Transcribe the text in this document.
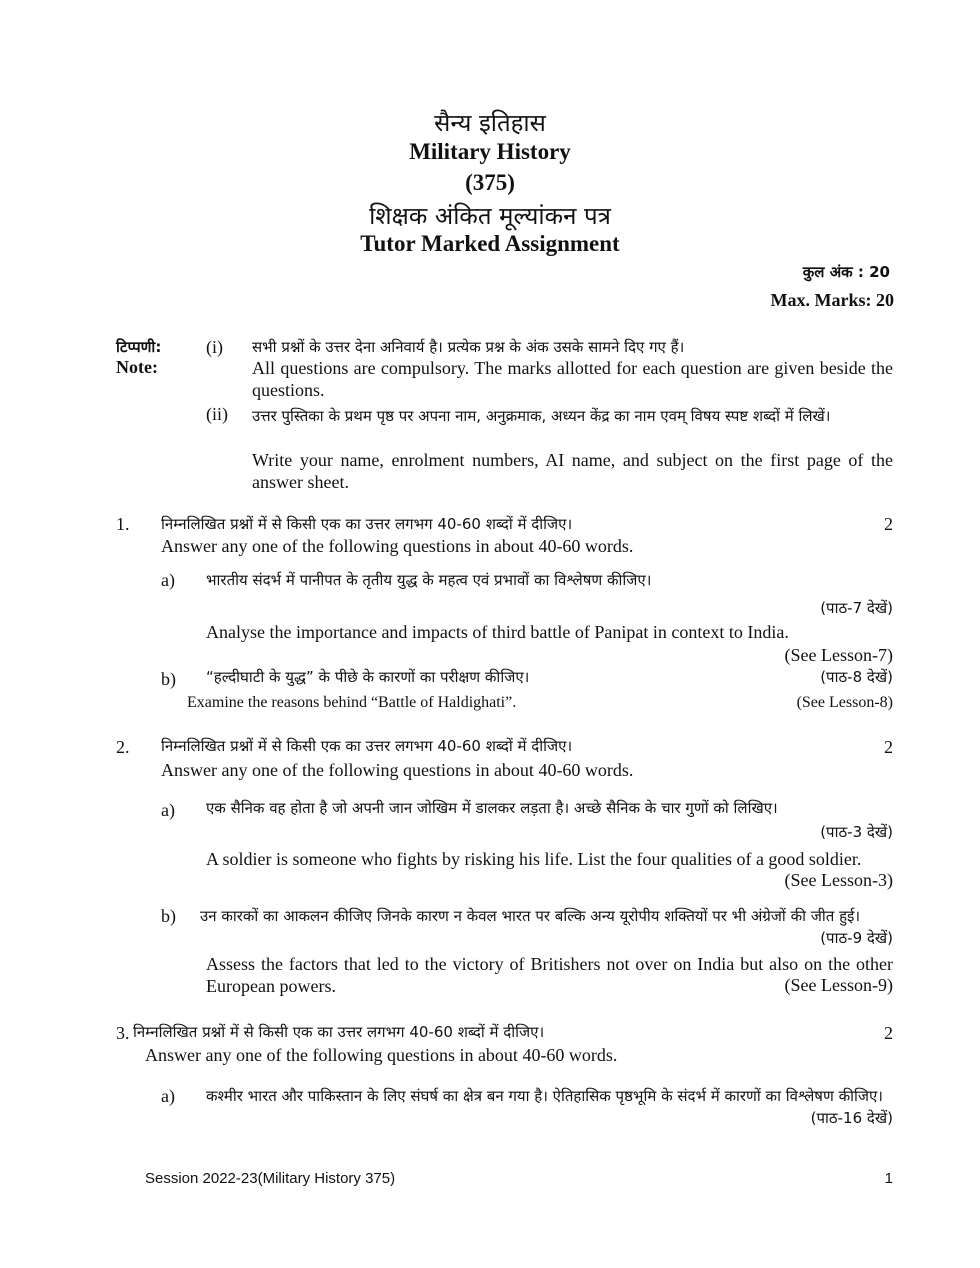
सैन्य इतिहास
Military History
(375)
शिक्षक अंकित मूल्यांकन पत्र
Tutor Marked Assignment
कुल अंक : 20
Max. Marks: 20
टिप्पणी:
Note:
(i) सभी प्रश्नों के उत्तर देना अनिवार्य है। प्रत्येक प्रश्न के अंक उसके सामने दिए गए हैं।
All questions are compulsory. The marks allotted for each question are given beside the questions.
(ii) उत्तर पुस्तिका के प्रथम पृष्ठ पर अपना नाम, अनुक्रमाक, अध्यन केंद्र का नाम एवम् विषय स्पष्ट शब्दों में लिखें।
Write your name, enrolment numbers, AI name, and subject on the first page of the answer sheet.
1. निम्नलिखित प्रश्नों में से किसी एक का उत्तर लगभग 40-60 शब्दों में दीजिए।	2
Answer any one of the following questions in about 40-60 words.
a) भारतीय संदर्भ में पानीपत के तृतीय युद्ध के महत्व एवं प्रभावों का विश्लेषण कीजिए।
(पाठ-7 देखें)
Analyse the importance and impacts of third battle of Panipat in context to India.
(See Lesson-7)
b) “हल्दीघाटी के युद्ध” के पीछे के कारणों का परीक्षण कीजिए।	(पाठ-8 देखें)
Examine the reasons behind “Battle of Haldighati”.	(See Lesson-8)
2. निम्नलिखित प्रश्नों में से किसी एक का उत्तर लगभग 40-60 शब्दों में दीजिए।	2
Answer any one of the following questions in about 40-60 words.
a) एक सैनिक वह होता है जो अपनी जान जोखिम में डालकर लड़ता है। अच्छे सैनिक के चार गुणों को लिखिए।
(पाठ-3 देखें)
A soldier is someone who fights by risking his life. List the four qualities of a good soldier.
(See Lesson-3)
b) उन कारकों का आकलन कीजिए जिनके कारण न केवल भारत पर बल्कि अन्य यूरोपीय शक्तियों पर भी अंग्रेजों की जीत हुई।
(पाठ-9 देखें)
Assess the factors that led to the victory of Britishers not over on India but also on the other European powers.	(See Lesson-9)
3. निम्नलिखित प्रश्नों में से किसी एक का उत्तर लगभग 40-60 शब्दों में दीजिए।	2
Answer any one of the following questions in about 40-60 words.
a) कश्मीर भारत और पाकिस्तान के लिए संघर्ष का क्षेत्र बन गया है। ऐतिहासिक पृष्ठभूमि के संदर्भ में कारणों का विश्लेषण कीजिए।
(पाठ-16 देखें)
Session 2022-23(Military History 375)	1
